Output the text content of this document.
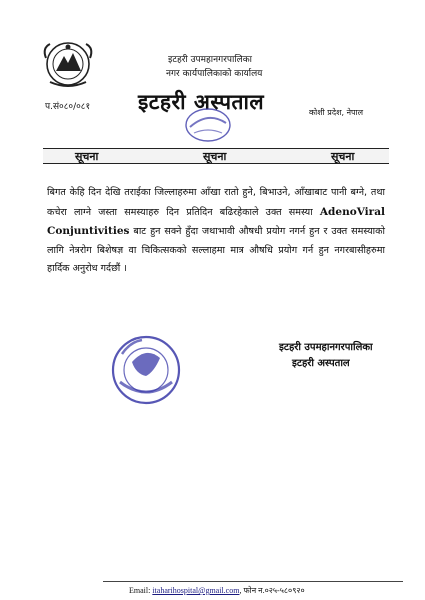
इटहरी उपमहानगरपालिका
नगर कार्यपालिकाको कार्यालय
प.सं०८०/०८१ इटहरी अस्पताल	कोशी प्रदेश, नेपाल
सूचना	सूचना	सूचना
बिगत केहि दिन देखि तराईका जिल्लाहरुमा आँखा रातो हुने, बिभाउने, आँखाबाट पानी बग्ने, तथा कचेरा लाग्ने जस्ता समस्याहरु दिन प्रतिदिन बढिरहेकाले उक्त समस्या AdenoViral Conjuntivities बाट हुन सक्ने हुँदा जथाभावी औषधी प्रयोग नगर्न हुन र उक्त समस्याको लागि नेत्ररोग बिशेषज्ञ वा चिकित्सकको सल्लाहमा मात्र औषधि प्रयोग गर्न हुन नगरबासीहरुमा हार्दिक अनुरोध गर्दछौं ।
इटहरी उपमहानगरपालिका
इटहरी अस्पताल
Email: itaharihospital@gmail.com, फोन न.०२५-५८०९२०
